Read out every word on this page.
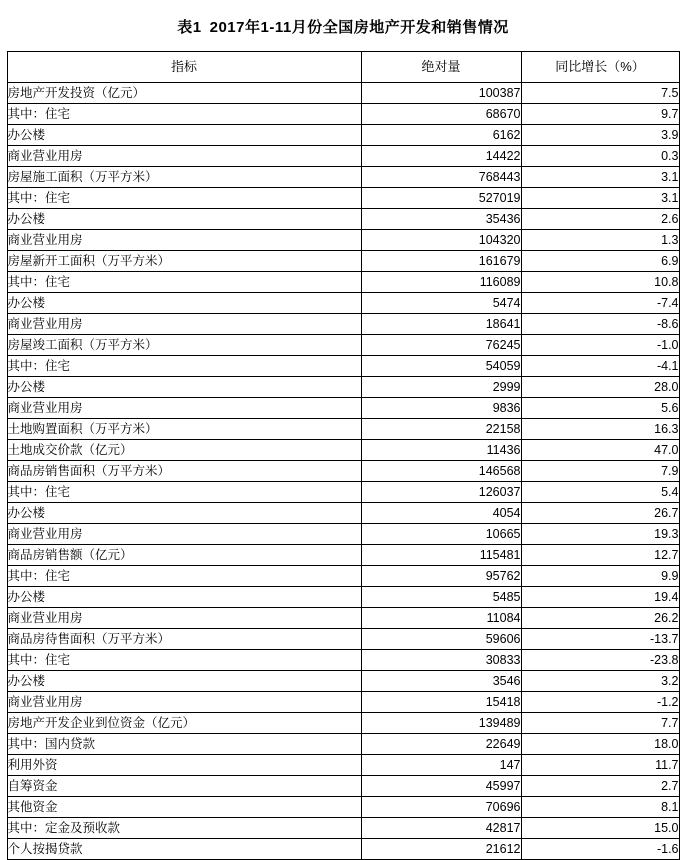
表1 2017年1-11月份全国房地产开发和销售情况
指标	绝对量	同比增长（%）
房地产开发投资（亿元）	100387	7.5
其中：住宅	68670	9.7
办公楼	6162	3.9
商业营业用房	14422	0.3
房屋施工面积（万平方米）	768443	3.1
其中：住宅	527019	3.1
办公楼	35436	2.6
商业营业用房	104320	1.3
房屋新开工面积（万平方米）	161679	6.9
其中：住宅	116089	10.8
办公楼	5474	-7.4
商业营业用房	18641	-8.6
房屋竣工面积（万平方米）	76245	-1.0
其中：住宅	54059	-4.1
办公楼	2999	28.0
商业营业用房	9836	5.6
土地购置面积（万平方米）	22158	16.3
土地成交价款（亿元）	11436	47.0
商品房销售面积（万平方米）	146568	7.9
其中：住宅	126037	5.4
办公楼	4054	26.7
商业营业用房	10665	19.3
商品房销售额（亿元）	115481	12.7
其中：住宅	95762	9.9
办公楼	5485	19.4
商业营业用房	11084	26.2
商品房待售面积（万平方米）	59606	-13.7
其中：住宅	30833	-23.8
办公楼	3546	3.2
商业营业用房	15418	-1.2
房地产开发企业到位资金（亿元）	139489	7.7
其中：国内贷款	22649	18.0
利用外资	147	11.7
自筹资金	45997	2.7
其他资金	70696	8.1
其中：定金及预收款	42817	15.0
个人按揭贷款	21612	-1.6
